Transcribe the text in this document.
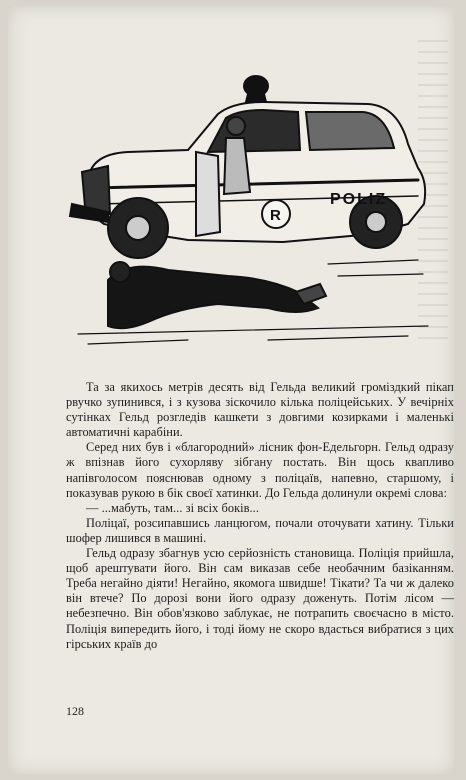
POLIZ
R

Та за якихось метрів десять від Гельда великий громіздкий пікап рвучко зупинився, і з кузова зіскочило кілька поліцейських. У вечірніх сутінках Гельд розгледів кашкети з довгими козирками і маленькі автоматичні карабіни.

Серед них був і «благородний» лісник фон-Едельгорн. Гельд одразу ж впізнав його сухорляву зібгану постать. Він щось квапливо напівголосом пояснював одному з поліцаїв, напевно, старшому, і показував рукою в бік своєї хатинки. До Гельда долинули окремі слова:

— ...мабуть, там... зі всіх боків...

Поліцаї, розсипавшись ланцюгом, почали оточувати хатину. Тільки шофер лишився в машині.

Гельд одразу збагнув усю серйозність становища. Поліція прийшла, щоб арештувати його. Він сам виказав себе необачним базіканням. Треба негайно діяти! Негайно, якомога швидше! Тікати? Та чи ж далеко він втече? По дорозі вони його одразу доженуть. Потім лісом — небезпечно. Він обов'язково заблукає, не потрапить своєчасно в місто. Поліція випередить його, і тоді йому не скоро вдасться вибратися з цих гірських країв до

128
